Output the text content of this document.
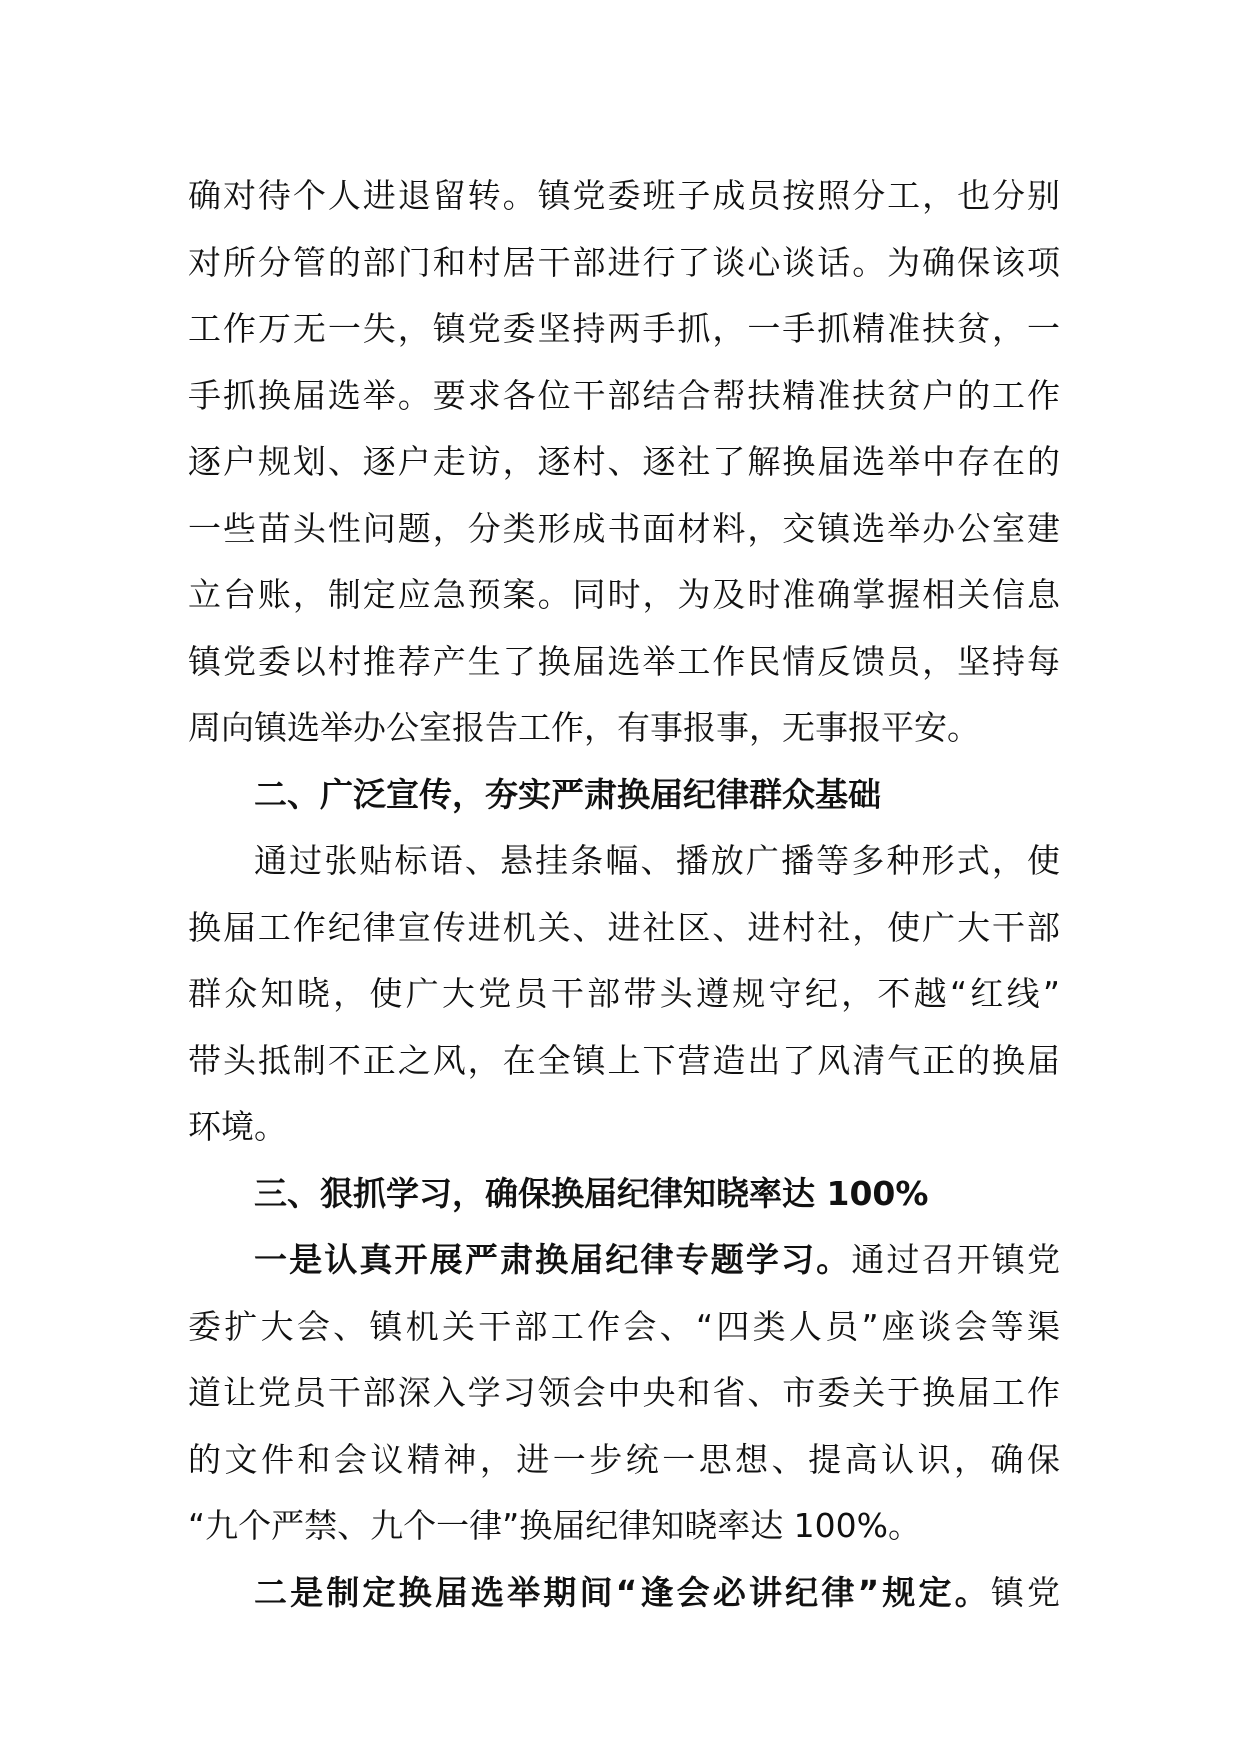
确对待个人进退留转。镇党委班子成员按照分工，也分别
对所分管的部门和村居干部进行了谈心谈话。为确保该项
工作万无一失，镇党委坚持两手抓，一手抓精准扶贫，一
手抓换届选举。要求各位干部结合帮扶精准扶贫户的工作
逐户规划、逐户走访，逐村、逐社了解换届选举中存在的
一些苗头性问题，分类形成书面材料，交镇选举办公室建
立台账，制定应急预案。同时，为及时准确掌握相关信息
镇党委以村推荐产生了换届选举工作民情反馈员，坚持每
周向镇选举办公室报告工作，有事报事，无事报平安。
二、广泛宣传，夯实严肃换届纪律群众基础
通过张贴标语、悬挂条幅、播放广播等多种形式，使
换届工作纪律宣传进机关、进社区、进村社，使广大干部
群众知晓，使广大党员干部带头遵规守纪，不越“红线”
带头抵制不正之风，在全镇上下营造出了风清气正的换届
环境。
三、狠抓学习，确保换届纪律知晓率达 100%
一是认真开展严肃换届纪律专题学习。通过召开镇党
委扩大会、镇机关干部工作会、“四类人员”座谈会等渠
道让党员干部深入学习领会中央和省、市委关于换届工作
的文件和会议精神，进一步统一思想、提高认识，确保
“九个严禁、九个一律”换届纪律知晓率达 100%。
二是制定换届选举期间“逢会必讲纪律”规定。镇党
